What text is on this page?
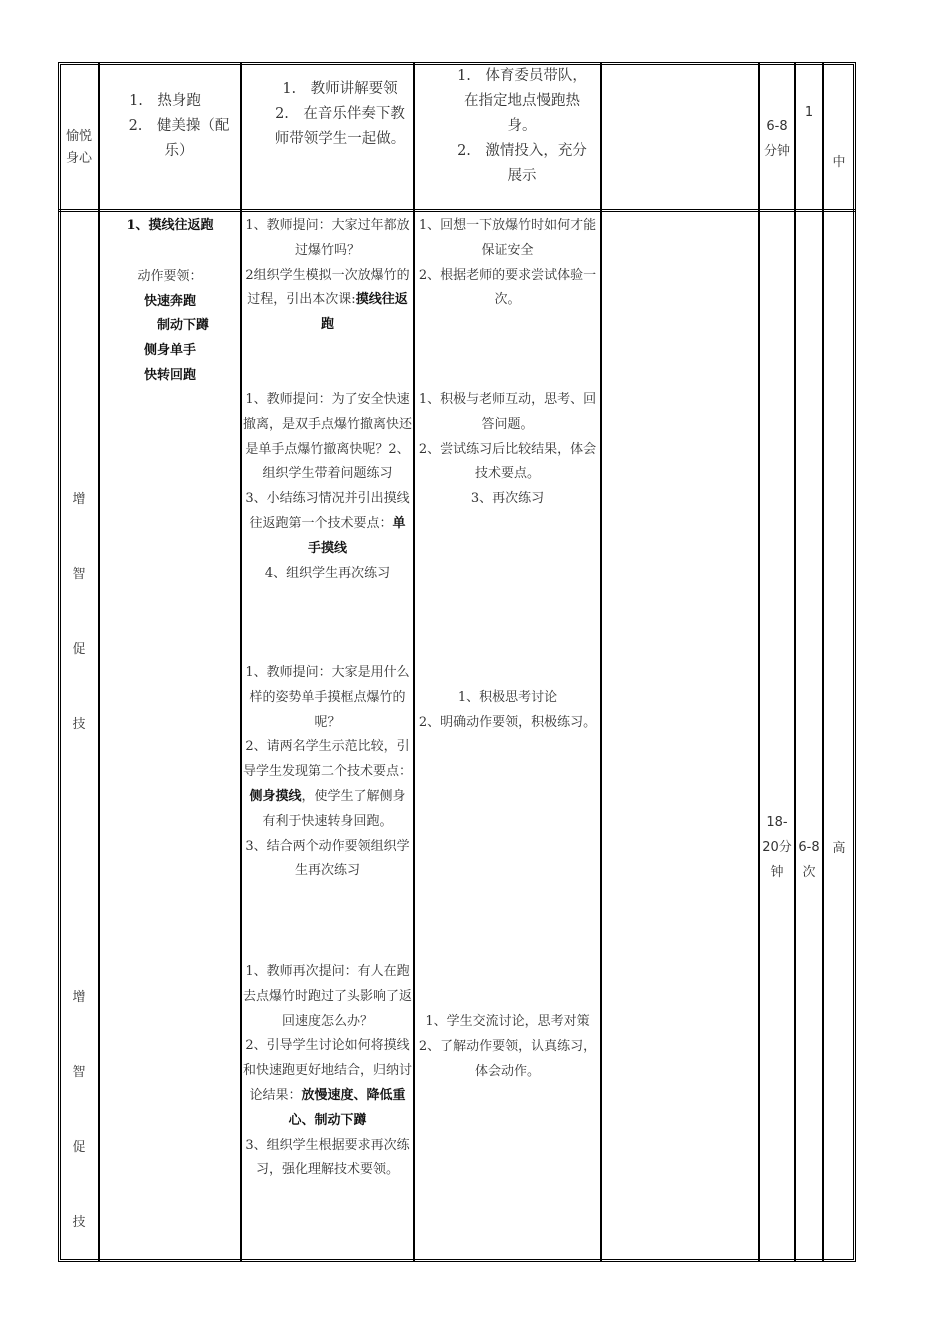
愉悦身心

1.　热身跑

2.　健美操（配乐）

1.　教师讲解要领

2.　在音乐伴奏下教师带领学生一起做。

1.　体育委员带队，在指定地点慢跑热身。

2.　激情投入，充分展示

6-8分钟
1
中
增
智
促
技
增
智
促
技

1、摸线往返跑

动作要领：

快速奔跑

制动下蹲

侧身单手

快转回跑

1、教师提问：大家过年都放过爆竹吗？

2组织学生模拟一次放爆竹的过程，引出本次课:摸线往返跑

1、教师提问：为了安全快速撤离，是双手点爆竹撤离快还是单手点爆竹撤离快呢？2、组织学生带着问题练习

3、小结练习情况并引出摸线往返跑第一个技术要点：单手摸线

4、组织学生再次练习

1、教师提问：大家是用什么样的姿势单手摸框点爆竹的呢？

2、请两名学生示范比较，引导学生发现第二个技术要点：侧身摸线，使学生了解侧身有利于快速转身回跑。

3、结合两个动作要领组织学生再次练习

1、教师再次提问：有人在跑去点爆竹时跑过了头影响了返回速度怎么办？

2、引导学生讨论如何将摸线和快速跑更好地结合，归纳讨论结果：放慢速度、降低重心、制动下蹲

3、组织学生根据要求再次练习，强化理解技术要领。

1、回想一下放爆竹时如何才能保证安全

2、根据老师的要求尝试体验一次。

1、积极与老师互动，思考、回答问题。

2、尝试练习后比较结果，体会技术要点。

3、再次练习

1、积极思考讨论

2、明确动作要领，积极练习。

1、学生交流讨论，思考对策

2、了解动作要领，认真练习，体会动作。

18-20分钟
6-8次
高
